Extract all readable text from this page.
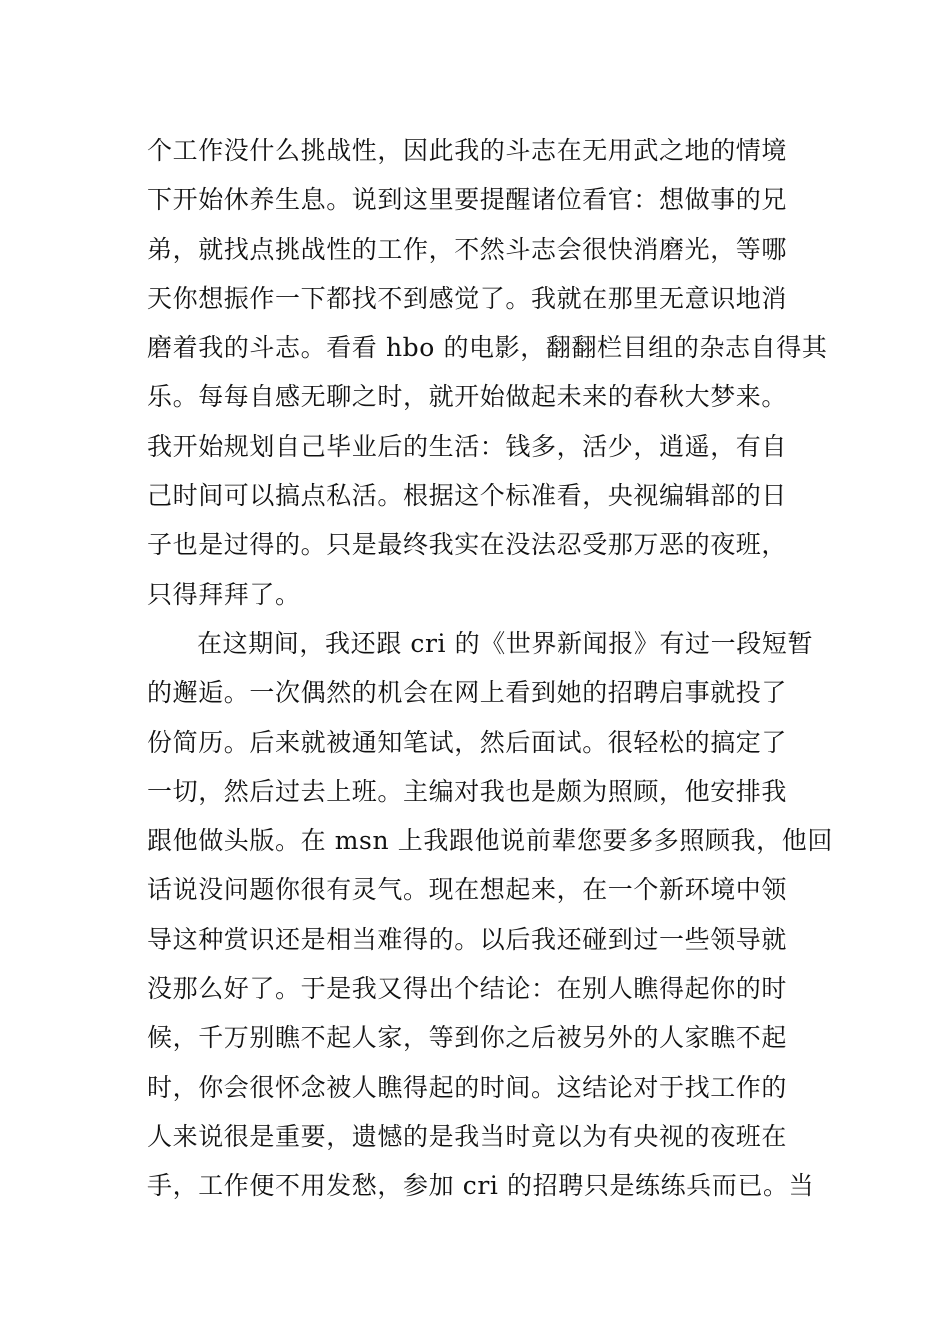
个工作没什么挑战性，因此我的斗志在无用武之地的情境
下开始休养生息。说到这里要提醒诸位看官：想做事的兄
弟，就找点挑战性的工作，不然斗志会很快消磨光，等哪
天你想振作一下都找不到感觉了。我就在那里无意识地消
磨着我的斗志。看看 hbo 的电影，翻翻栏目组的杂志自得其
乐。每每自感无聊之时，就开始做起未来的春秋大梦来。
我开始规划自己毕业后的生活：钱多，活少，逍遥，有自
己时间可以搞点私活。根据这个标准看，央视编辑部的日
子也是过得的。只是最终我实在没法忍受那万恶的夜班，
只得拜拜了。
在这期间，我还跟 cri 的《世界新闻报》有过一段短暂
的邂逅。一次偶然的机会在网上看到她的招聘启事就投了
份简历。后来就被通知笔试，然后面试。很轻松的搞定了
一切，然后过去上班。主编对我也是颇为照顾，他安排我
跟他做头版。在 msn 上我跟他说前辈您要多多照顾我，他回
话说没问题你很有灵气。现在想起来，在一个新环境中领
导这种赏识还是相当难得的。以后我还碰到过一些领导就
没那么好了。于是我又得出个结论：在别人瞧得起你的时
候，千万别瞧不起人家，等到你之后被另外的人家瞧不起
时，你会很怀念被人瞧得起的时间。这结论对于找工作的
人来说很是重要，遗憾的是我当时竟以为有央视的夜班在
手，工作便不用发愁，参加 cri 的招聘只是练练兵而已。当
